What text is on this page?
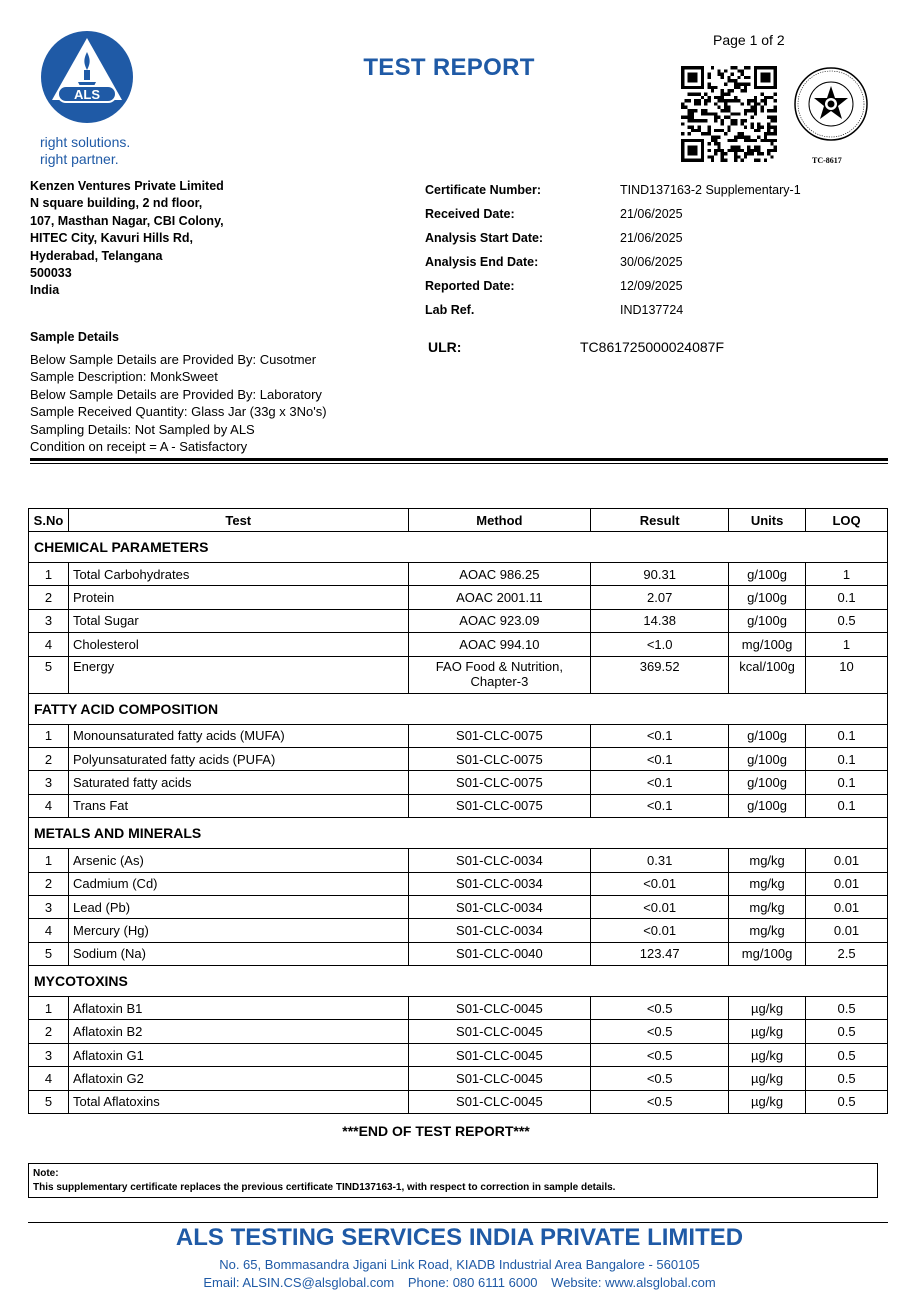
Page 1 of 2
TEST REPORT
ALS
right solutions.
right partner.	TC-8617
Kenzen Ventures Private Limited
N square building, 2 nd floor,
107, Masthan Nagar, CBI Colony,
HITEC City, Kavuri Hills Rd,
Hyderabad, Telangana
500033
India
Certificate Number:	TIND137163-2 Supplementary-1
Received Date:	21/06/2025
Analysis Start Date:	21/06/2025
Analysis End Date:	30/06/2025
Reported Date:	12/09/2025
Lab Ref.	IND137724
ULR:	TC861725000024087F
Sample Details
Below Sample Details are Provided By: Cusotmer
Sample Description: MonkSweet
Below Sample Details are Provided By: Laboratory
Sample Received Quantity: Glass Jar (33g x 3No's)
Sampling Details: Not Sampled by ALS
Condition on receipt = A - Satisfactory
S.No	Test	Method	Result	Units	LOQ
CHEMICAL PARAMETERS					
1	Total Carbohydrates	AOAC 986.25	90.31	g/100g	1
2	Protein	AOAC 2001.11	2.07	g/100g	0.1
3	Total Sugar	AOAC 923.09	14.38	g/100g	0.5
4	Cholesterol	AOAC 994.10	<1.0	mg/100g	1
5	Energy	FAO Food & Nutrition,
Chapter-3	369.52	kcal/100g	10
FATTY ACID COMPOSITION					
1	Monounsaturated fatty acids (MUFA)	S01-CLC-0075	<0.1	g/100g	0.1
2	Polyunsaturated fatty acids (PUFA)	S01-CLC-0075	<0.1	g/100g	0.1
3	Saturated fatty acids	S01-CLC-0075	<0.1	g/100g	0.1
4	Trans Fat	S01-CLC-0075	<0.1	g/100g	0.1
METALS AND MINERALS					
1	Arsenic (As)	S01-CLC-0034	0.31	mg/kg	0.01
2	Cadmium (Cd)	S01-CLC-0034	<0.01	mg/kg	0.01
3	Lead (Pb)	S01-CLC-0034	<0.01	mg/kg	0.01
4	Mercury (Hg)	S01-CLC-0034	<0.01	mg/kg	0.01
5	Sodium (Na)	S01-CLC-0040	123.47	mg/100g	2.5
MYCOTOXINS					
1	Aflatoxin B1	S01-CLC-0045	<0.5	µg/kg	0.5
2	Aflatoxin B2	S01-CLC-0045	<0.5	µg/kg	0.5
3	Aflatoxin G1	S01-CLC-0045	<0.5	µg/kg	0.5
4	Aflatoxin G2	S01-CLC-0045	<0.5	µg/kg	0.5
5	Total Aflatoxins	S01-CLC-0045	<0.5	µg/kg	0.5
***END OF TEST REPORT***
Note:
This supplementary certificate replaces the previous certificate TIND137163-1, with respect to correction in sample details.
ALS TESTING SERVICES INDIA PRIVATE LIMITED
No. 65, Bommasandra Jigani Link Road, KIADB Industrial Area Bangalore - 560105
Email: ALSIN.CS@alsglobal.com Phone: 080 6111 6000 Website: www.alsglobal.com
